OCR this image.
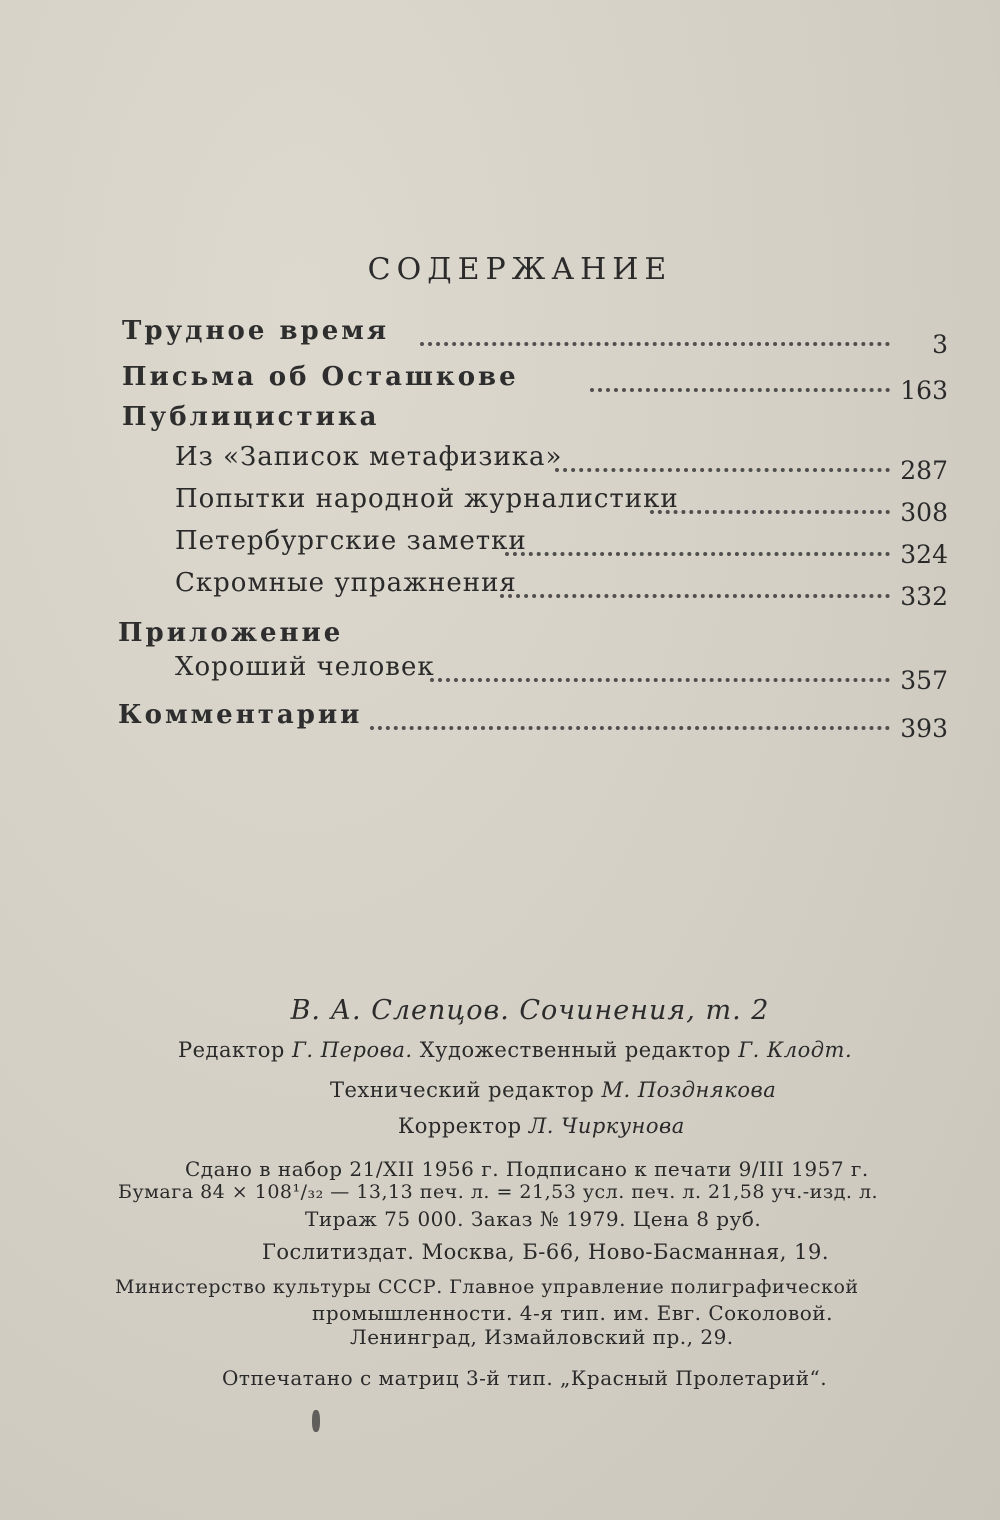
СОДЕРЖАНИЕ
Трудное время	3
Письма об Осташкове	163
Публицистика
Из «Записок метафизика»	287
Попытки народной журналистики	308
Петербургские заметки	324
Скромные упражнения	332
Приложение
Хороший человек	357
Комментарии	393
В. А. Слепцов. Сочинения, т. 2
Редактор Г. Перова. Художественный редактор Г. Клодт.
Технический редактор М. Позднякова
Корректор Л. Чиркунова
Сдано в набор 21/XII 1956 г. Подписано к печати 9/III 1957 г.
Бумага 84 × 108¹/₃₂ — 13,13 печ. л. = 21,53 усл. печ. л. 21,58 уч.-изд. л.
Тираж 75 000. Заказ № 1979. Цена 8 руб.
Гослитиздат. Москва, Б-66, Ново-Басманная, 19.
Министерство культуры СССР. Главное управление полиграфической
промышленности. 4-я тип. им. Евг. Соколовой.
Ленинград, Измайловский пр., 29.
Отпечатано с матриц 3-й тип. „Красный Пролетарий“.
